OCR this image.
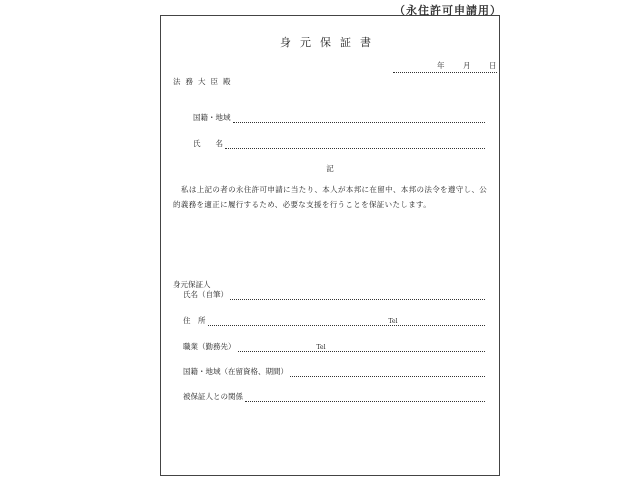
（永住許可申請用）
身元保証書
年 月 日
法務大臣殿
国籍・地域
氏　　名
記
私は上記の者の永住許可申請に当たり、本人が本邦に在留中、本邦の法令を遵守し、公的義務を適正に履行するため、必要な支援を行うことを保証いたします。
身元保証人
氏名（自筆）
住　所	Tel
職業（勤務先）	Tel
国籍・地域（在留資格、期間）
被保証人との関係
